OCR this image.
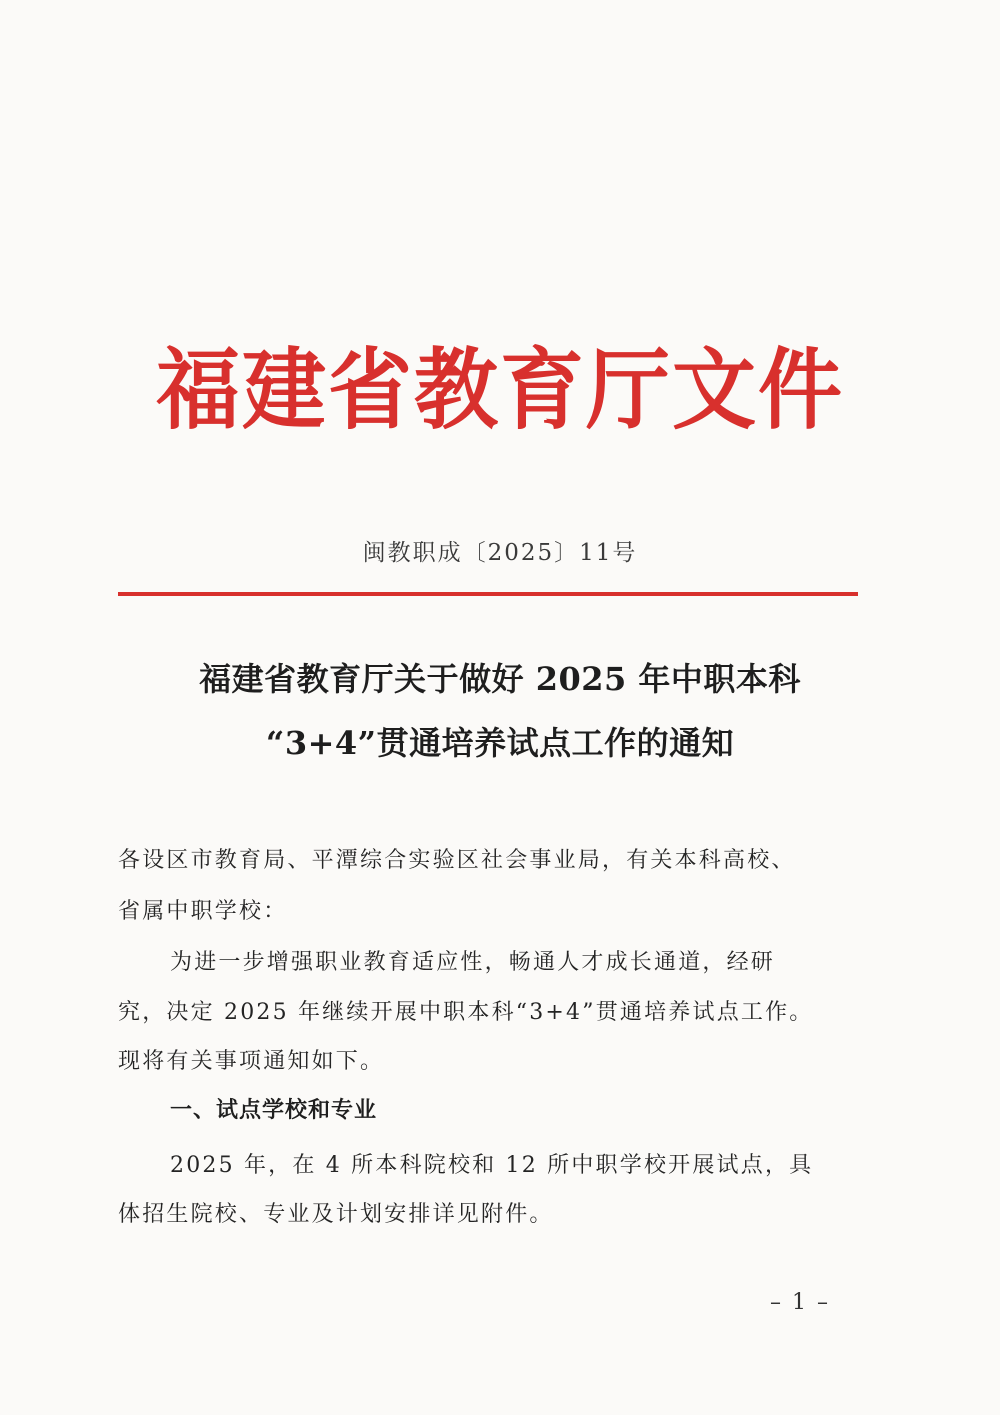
福建省教育厅文件
闽教职成〔2025〕11号
福建省教育厅关于做好 2025 年中职本科
“3+4”贯通培养试点工作的通知
各设区市教育局、平潭综合实验区社会事业局，有关本科高校、
省属中职学校：
为进一步增强职业教育适应性，畅通人才成长通道，经研
究，决定 2025 年继续开展中职本科“3+4”贯通培养试点工作。
现将有关事项通知如下。
一、试点学校和专业
2025 年，在 4 所本科院校和 12 所中职学校开展试点，具
体招生院校、专业及计划安排详见附件。
– 1 –
